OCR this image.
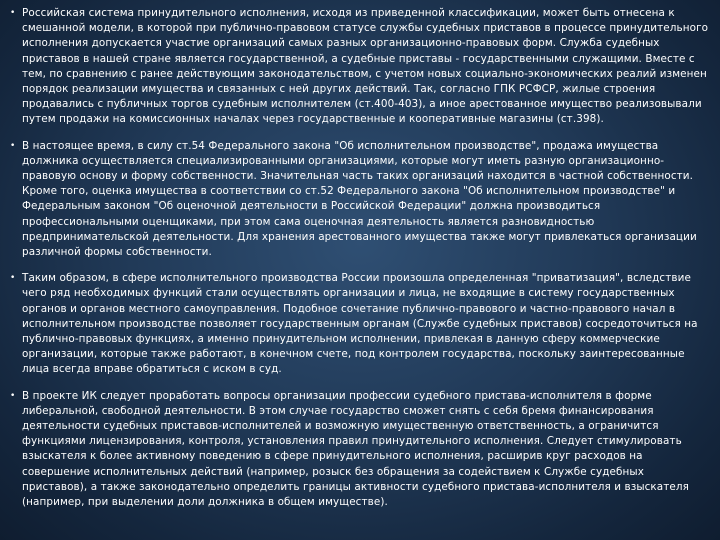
• Российская система принудительного исполнения, исходя из приведенной классификации, может быть отнесена к смешанной модели, в которой при публично-правовом статусе службы судебных приставов в процессе принудительного исполнения допускается участие организаций самых разных организационно-правовых форм. Служба судебных приставов в нашей стране является государственной, а судебные приставы - государственными служащими. Вместе с тем, по сравнению с ранее действующим законодательством, с учетом новых социально-экономических реалий изменен порядок реализации имущества и связанных с ней других действий. Так, согласно ГПК РСФСР, жилые строения продавались с публичных торгов судебным исполнителем (ст.400-403), а иное арестованное имущество реализовывали путем продажи на комиссионных началах через государственные и кооперативные магазины (ст.398).
• В настоящее время, в силу ст.54 Федерального закона "Об исполнительном производстве", продажа имущества должника осуществляется специализированными организациями, которые могут иметь разную организационно-правовую основу и форму собственности. Значительная часть таких организаций находится в частной собственности. Кроме того, оценка имущества в соответствии со ст.52 Федерального закона "Об исполнительном производстве" и Федеральным законом "Об оценочной деятельности в Российской Федерации" должна производиться профессиональными оценщиками, при этом сама оценочная деятельность является разновидностью предпринимательской деятельности. Для хранения арестованного имущества также могут привлекаться организации различной формы собственности.
• Таким образом, в сфере исполнительного производства России произошла определенная "приватизация", вследствие чего ряд необходимых функций стали осуществлять организации и лица, не входящие в систему государственных органов и органов местного самоуправления. Подобное сочетание публично-правового и частно-правового начал в исполнительном производстве позволяет государственным органам (Службе судебных приставов) сосредоточиться на публично-правовых функциях, а именно принудительном исполнении, привлекая в данную сферу коммерческие организации, которые также работают, в конечном счете, под контролем государства, поскольку заинтересованные лица всегда вправе обратиться с иском в суд.
• В проекте ИК следует проработать вопросы организации профессии судебного пристава-исполнителя в форме либеральной, свободной деятельности. В этом случае государство сможет снять с себя бремя финансирования деятельности судебных приставов-исполнителей и возможную имущественную ответственность, а ограничится функциями лицензирования, контроля, установления правил принудительного исполнения. Следует стимулировать взыскателя к более активному поведению в сфере принудительного исполнения, расширив круг расходов на совершение исполнительных действий (например, розыск без обращения за содействием к Службе судебных приставов), а также законодательно определить границы активности судебного пристава-исполнителя и взыскателя (например, при выделении доли должника в общем имуществе).
